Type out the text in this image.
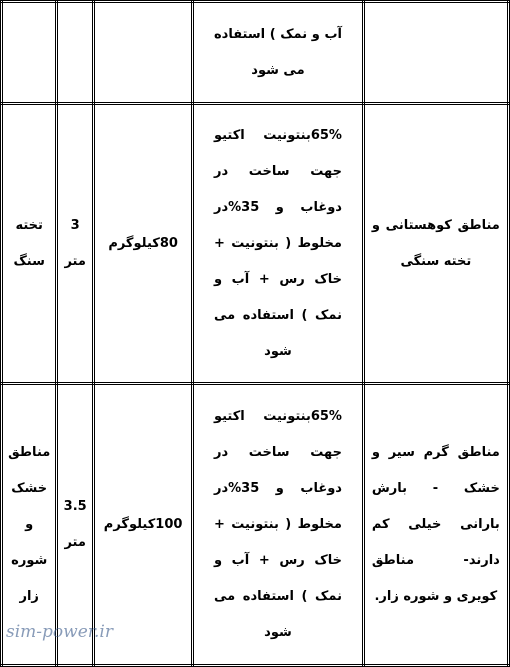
			آب و نمک ) استفاده می شود	

تخته سنگ	3 متر	80کیلوگرم	65%بنتونیت اکتیو جهت ساخت در دوغاب و 35%در مخلوط ( بنتونیت + خاک رس + آب و نمک ) استفاده می شود	مناطق کوهستانی و تخته سنگی

مناطق خشک و شوره زار	3.5 متر	100کیلوگرم	65%بنتونیت اکتیو جهت ساخت در دوغاب و 35%در مخلوط ( بنتونیت + خاک رس + آب و نمک ) استفاده می شود	مناطق گرم سیر و خشک - بارش بارانی خیلی کم دارند- مناطق کویری و شوره زار.
sim-power.ir
